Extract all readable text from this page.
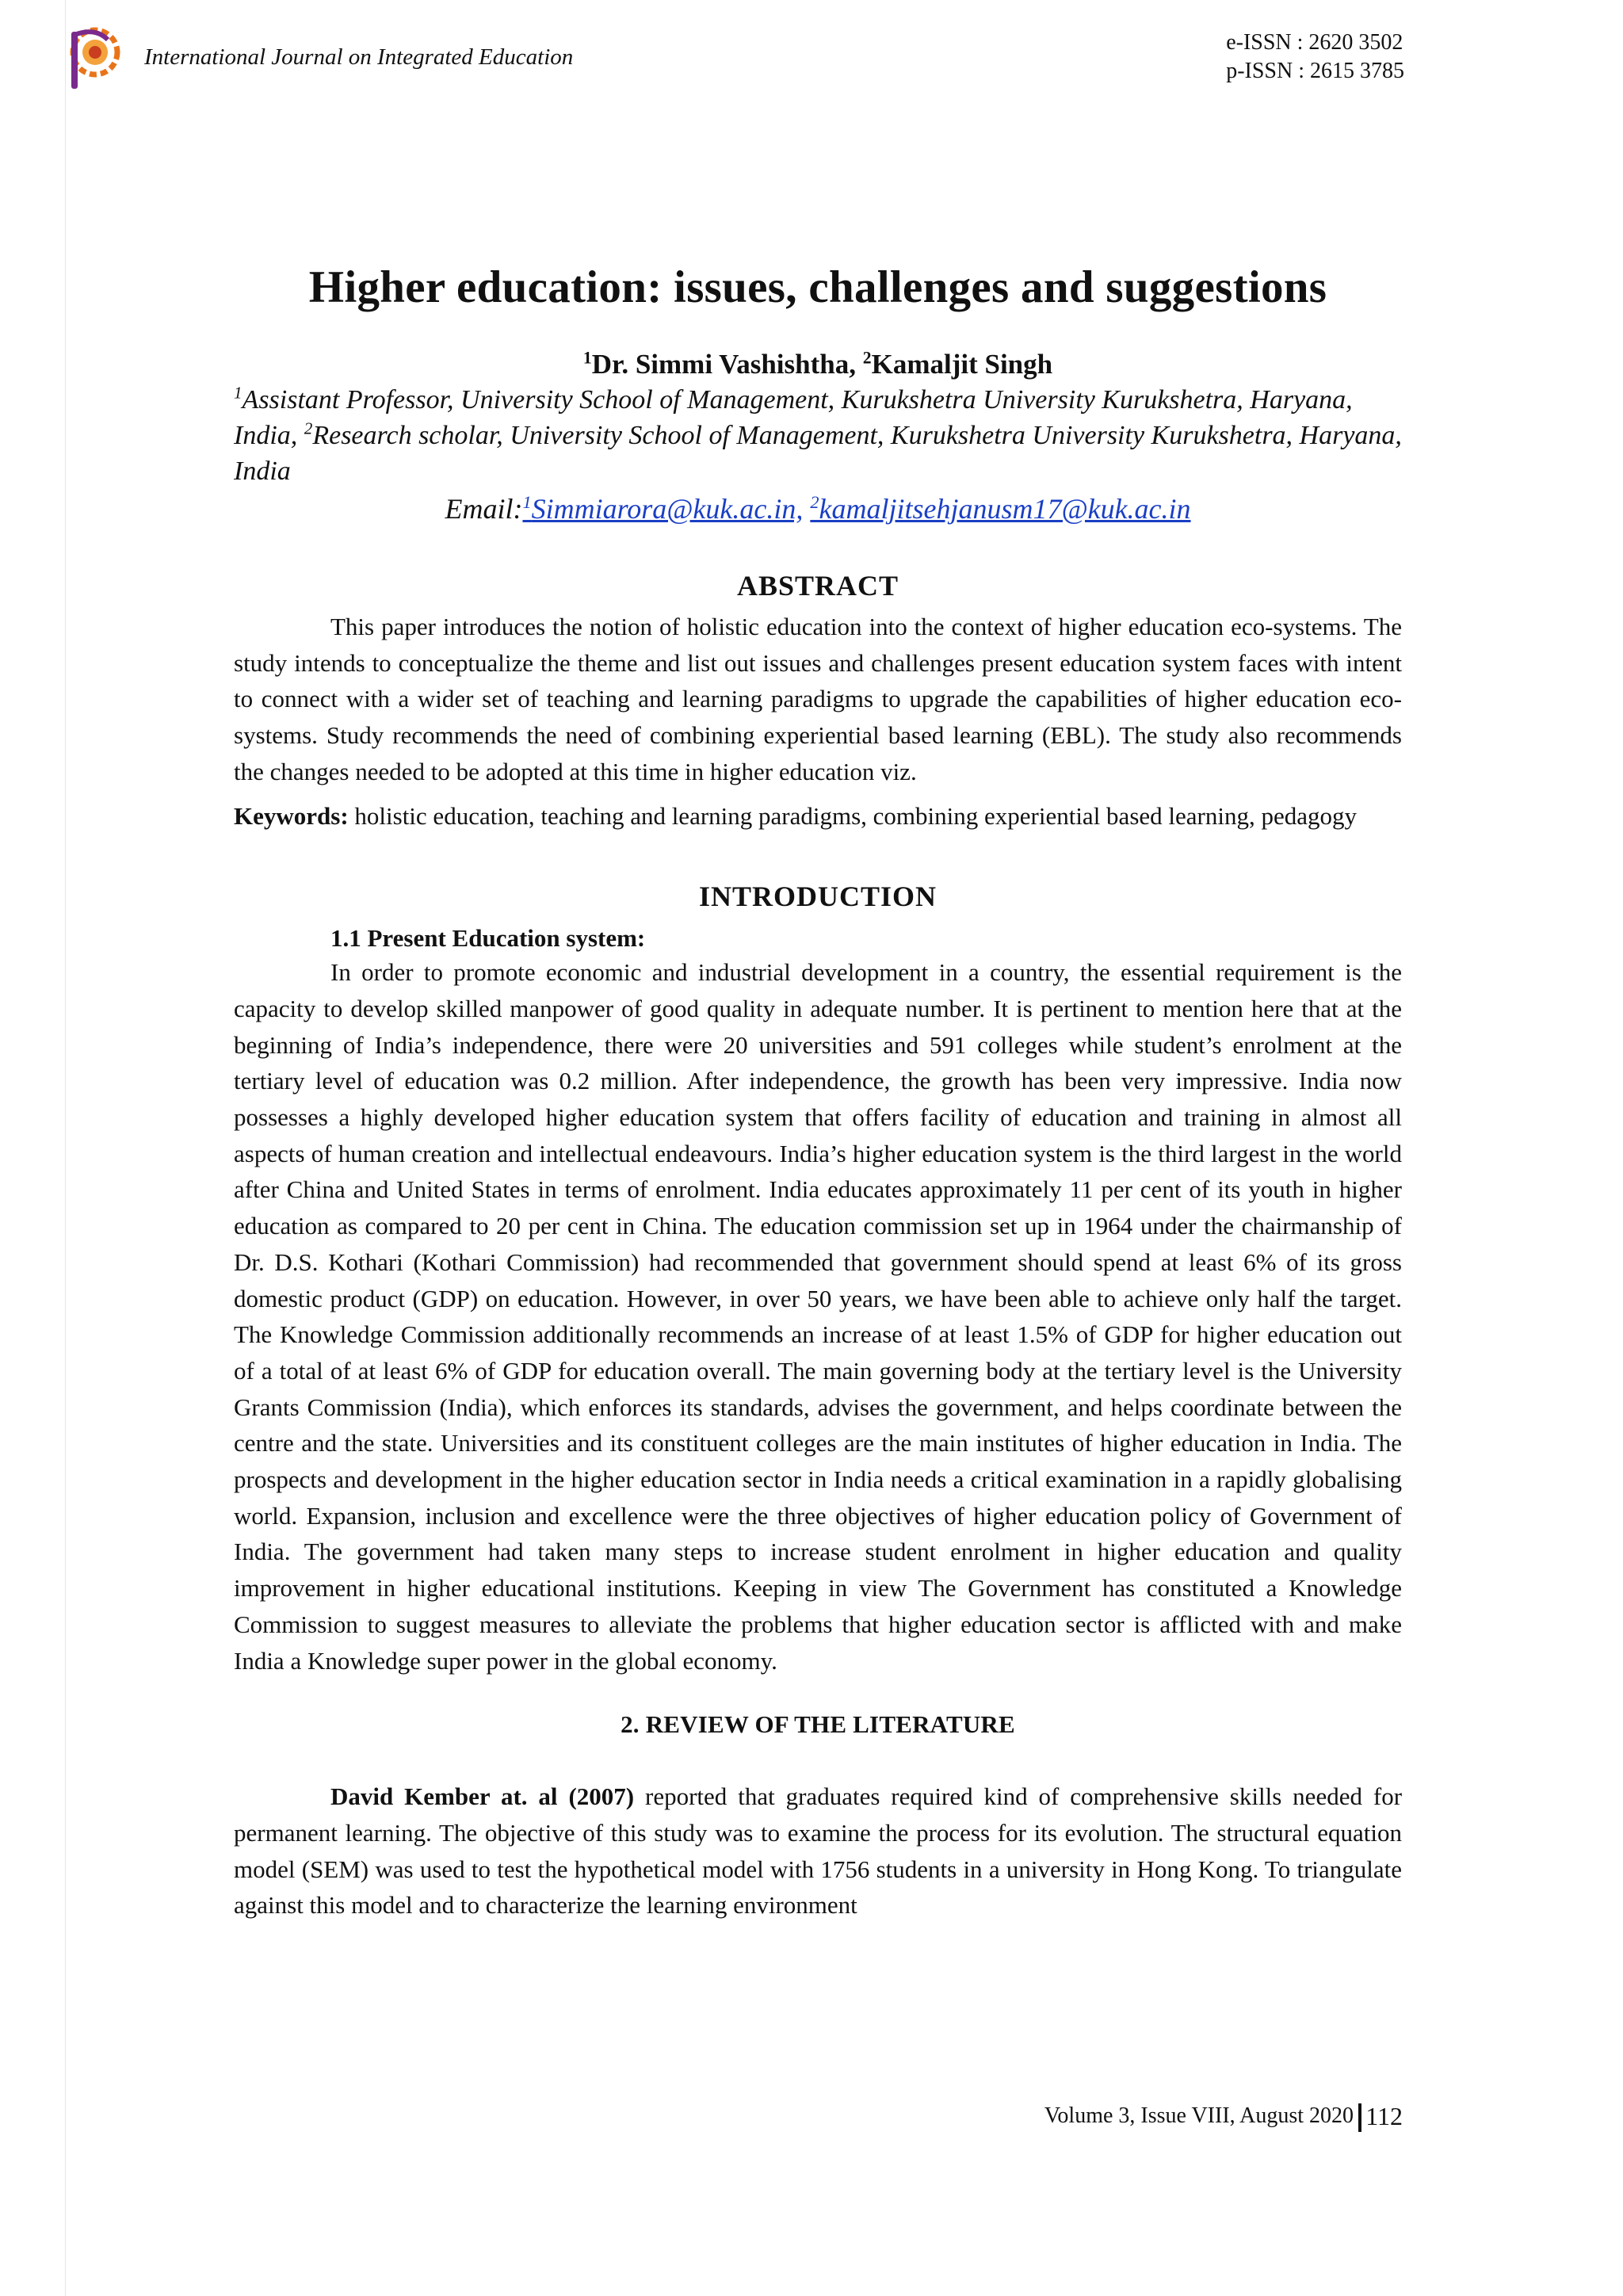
International Journal on Integrated Education
e-ISSN : 2620 3502
p-ISSN : 2615 3785
Higher education: issues, challenges and suggestions
$^1$Dr. Simmi Vashishtha, $^2$Kamaljit Singh
$^1$Assistant Professor, University School of Management, Kurukshetra University Kurukshetra, Haryana, India, $^2$Research scholar, University School of Management, Kurukshetra University Kurukshetra, Haryana, India
Email:$^1$Simmiarora@kuk.ac.in, $^2$kamaljitsehjanusm17@kuk.ac.in
ABSTRACT

This paper introduces the notion of holistic education into the context of higher education eco-systems. The study intends to conceptualize the theme and list out issues and challenges present education system faces with intent to connect with a wider set of teaching and learning paradigms to upgrade the capabilities of higher education eco-systems. Study recommends the need of combining experiential based learning (EBL). The study also recommends the changes needed to be adopted at this time in higher education viz.

Keywords: holistic education, teaching and learning paradigms, combining experiential based learning, pedagogy

INTRODUCTION
1.1 Present Education system:

In order to promote economic and industrial development in a country, the essential requirement is the capacity to develop skilled manpower of good quality in adequate number. It is pertinent to mention here that at the beginning of India’s independence, there were 20 universities and 591 colleges while student’s enrolment at the tertiary level of education was 0.2 million. After independence, the growth has been very impressive. India now possesses a highly developed higher education system that offers facility of education and training in almost all aspects of human creation and intellectual endeavours. India’s higher education system is the third largest in the world after China and United States in terms of enrolment. India educates approximately 11 per cent of its youth in higher education as compared to 20 per cent in China. The education commission set up in 1964 under the chairmanship of Dr. D.S. Kothari (Kothari Commission) had recommended that government should spend at least 6% of its gross domestic product (GDP) on education. However, in over 50 years, we have been able to achieve only half the target. The Knowledge Commission additionally recommends an increase of at least 1.5% of GDP for higher education out of a total of at least 6% of GDP for education overall. The main governing body at the tertiary level is the University Grants Commission (India), which enforces its standards, advises the government, and helps coordinate between the centre and the state. Universities and its constituent colleges are the main institutes of higher education in India. The prospects and development in the higher education sector in India needs a critical examination in a rapidly globalising world. Expansion, inclusion and excellence were the three objectives of higher education policy of Government of India. The government had taken many steps to increase student enrolment in higher education and quality improvement in higher educational institutions. Keeping in view The Government has constituted a Knowledge Commission to suggest measures to alleviate the problems that higher education sector is afflicted with and make India a Knowledge super power in the global economy.

2. REVIEW OF THE LITERATURE

David Kember at. al (2007) reported that graduates required kind of comprehensive skills needed for permanent learning. The objective of this study was to examine the process for its evolution. The structural equation model (SEM) was used to test the hypothetical model with 1756 students in a university in Hong Kong. To triangulate against this model and to characterize the learning environment

Volume 3, Issue VIII, August 2020 112
